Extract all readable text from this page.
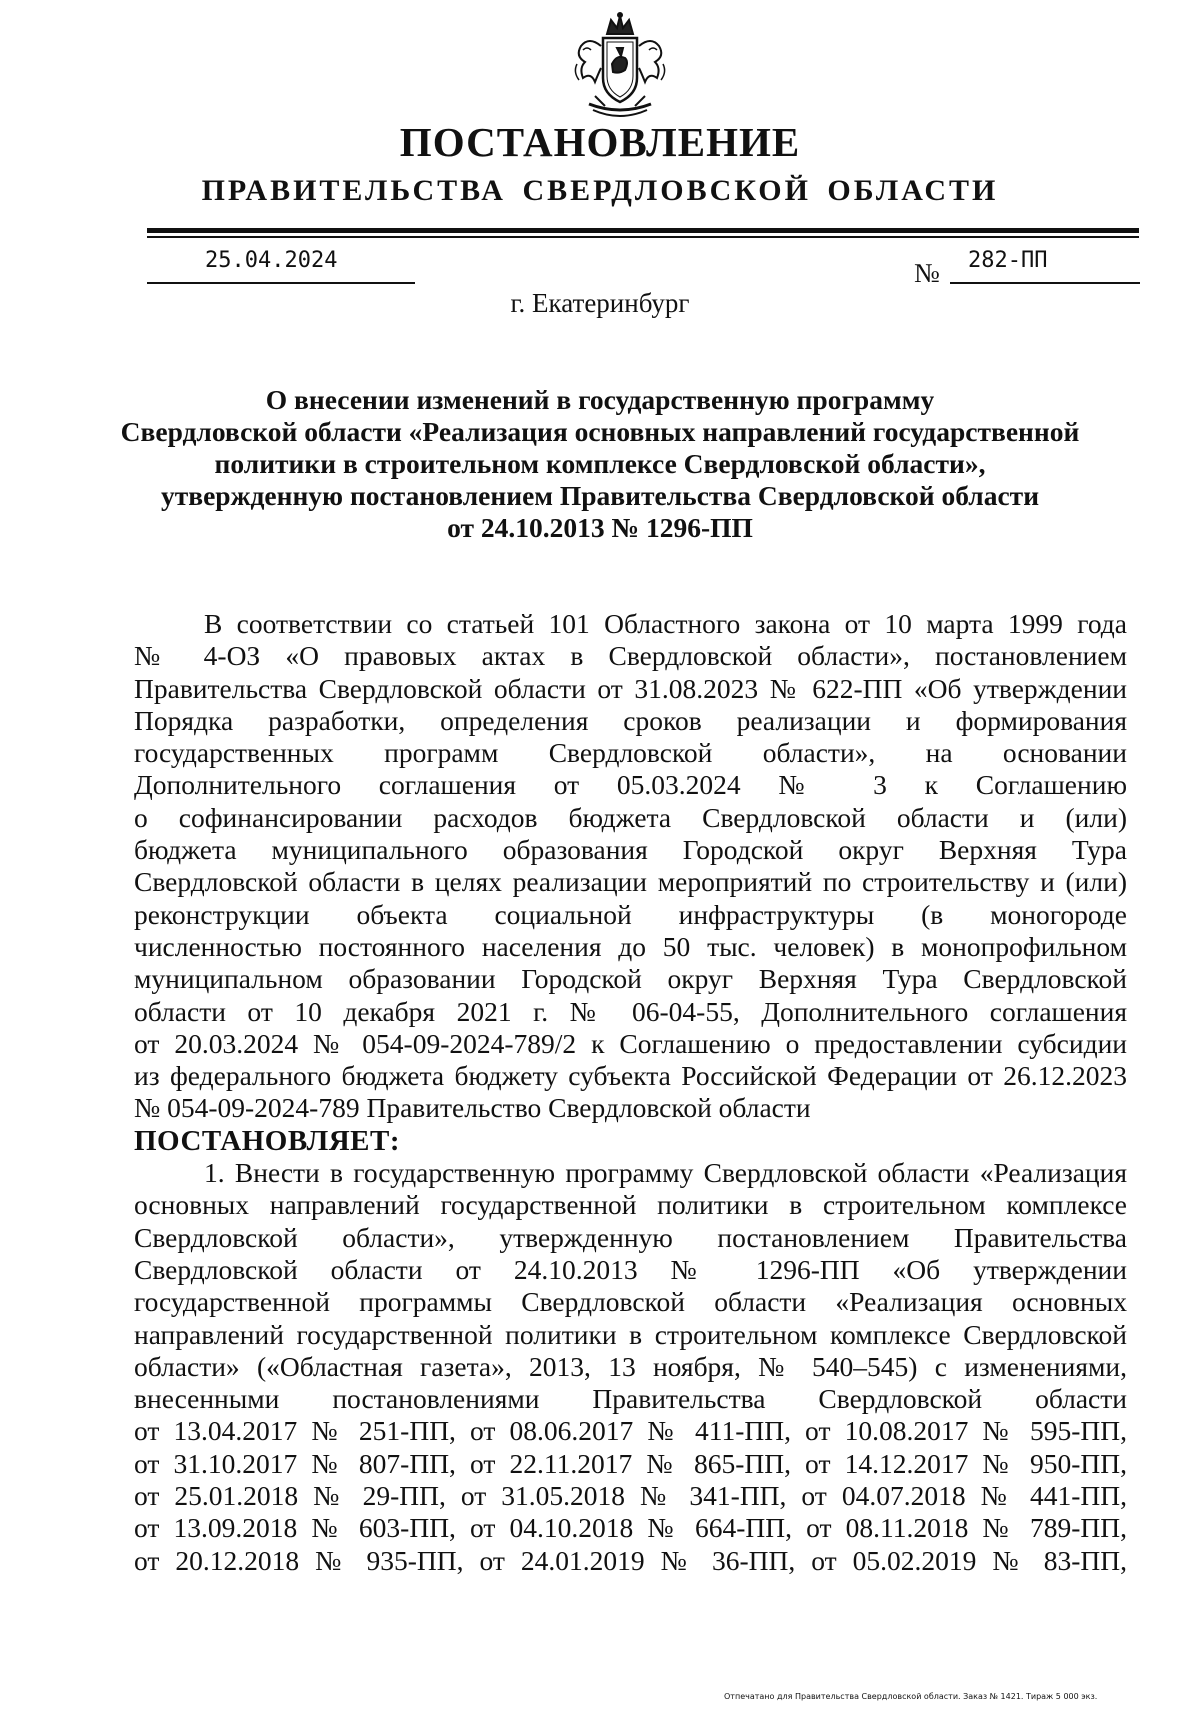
ПОСТАНОВЛЕНИЕ
ПРАВИТЕЛЬСТВА СВЕРДЛОВСКОЙ ОБЛАСТИ
25.04.2024	№ 282-ПП
г. Екатеринбург
О внесении изменений в государственную программу
Свердловской области «Реализация основных направлений государственной
политики в строительном комплексе Свердловской области»,
утвержденную постановлением Правительства Свердловской области
от 24.10.2013 № 1296-ПП
В соответствии со статьей 101 Областного закона от 10 марта 1999 года
№ 4-ОЗ «О правовых актах в Свердловской области», постановлением
Правительства Свердловской области от 31.08.2023 № 622-ПП «Об утверждении
Порядка разработки, определения сроков реализации и формирования
государственных программ Свердловской области», на основании
Дополнительного соглашения от 05.03.2024 № 3 к Соглашению
о софинансировании расходов бюджета Свердловской области и (или)
бюджета муниципального образования Городской округ Верхняя Тура
Свердловской области в целях реализации мероприятий по строительству и (или)
реконструкции объекта социальной инфраструктуры (в моногороде
численностью постоянного населения до 50 тыс. человек) в монопрофильном
муниципальном образовании Городской округ Верхняя Тура Свердловской
области от 10 декабря 2021 г. № 06-04-55, Дополнительного соглашения
от 20.03.2024 № 054-09-2024-789/2 к Соглашению о предоставлении субсидии
из федерального бюджета бюджету субъекта Российской Федерации от 26.12.2023
№ 054-09-2024-789 Правительство Свердловской области
ПОСТАНОВЛЯЕТ:
1. Внести в государственную программу Свердловской области «Реализация
основных направлений государственной политики в строительном комплексе
Свердловской области», утвержденную постановлением Правительства
Свердловской области от 24.10.2013 № 1296-ПП «Об утверждении
государственной программы Свердловской области «Реализация основных
направлений государственной политики в строительном комплексе Свердловской
области» («Областная газета», 2013, 13 ноября, № 540–545) с изменениями,
внесенными постановлениями Правительства Свердловской области
от 13.04.2017 № 251-ПП, от 08.06.2017 № 411-ПП, от 10.08.2017 № 595-ПП,
от 31.10.2017 № 807-ПП, от 22.11.2017 № 865-ПП, от 14.12.2017 № 950-ПП,
от 25.01.2018 № 29-ПП, от 31.05.2018 № 341-ПП, от 04.07.2018 № 441-ПП,
от 13.09.2018 № 603-ПП, от 04.10.2018 № 664-ПП, от 08.11.2018 № 789-ПП,
от 20.12.2018 № 935-ПП, от 24.01.2019 № 36-ПП, от 05.02.2019 № 83-ПП,
Отпечатано для Правительства Свердловской области. Заказ № 1421. Тираж 5 000 экз.
